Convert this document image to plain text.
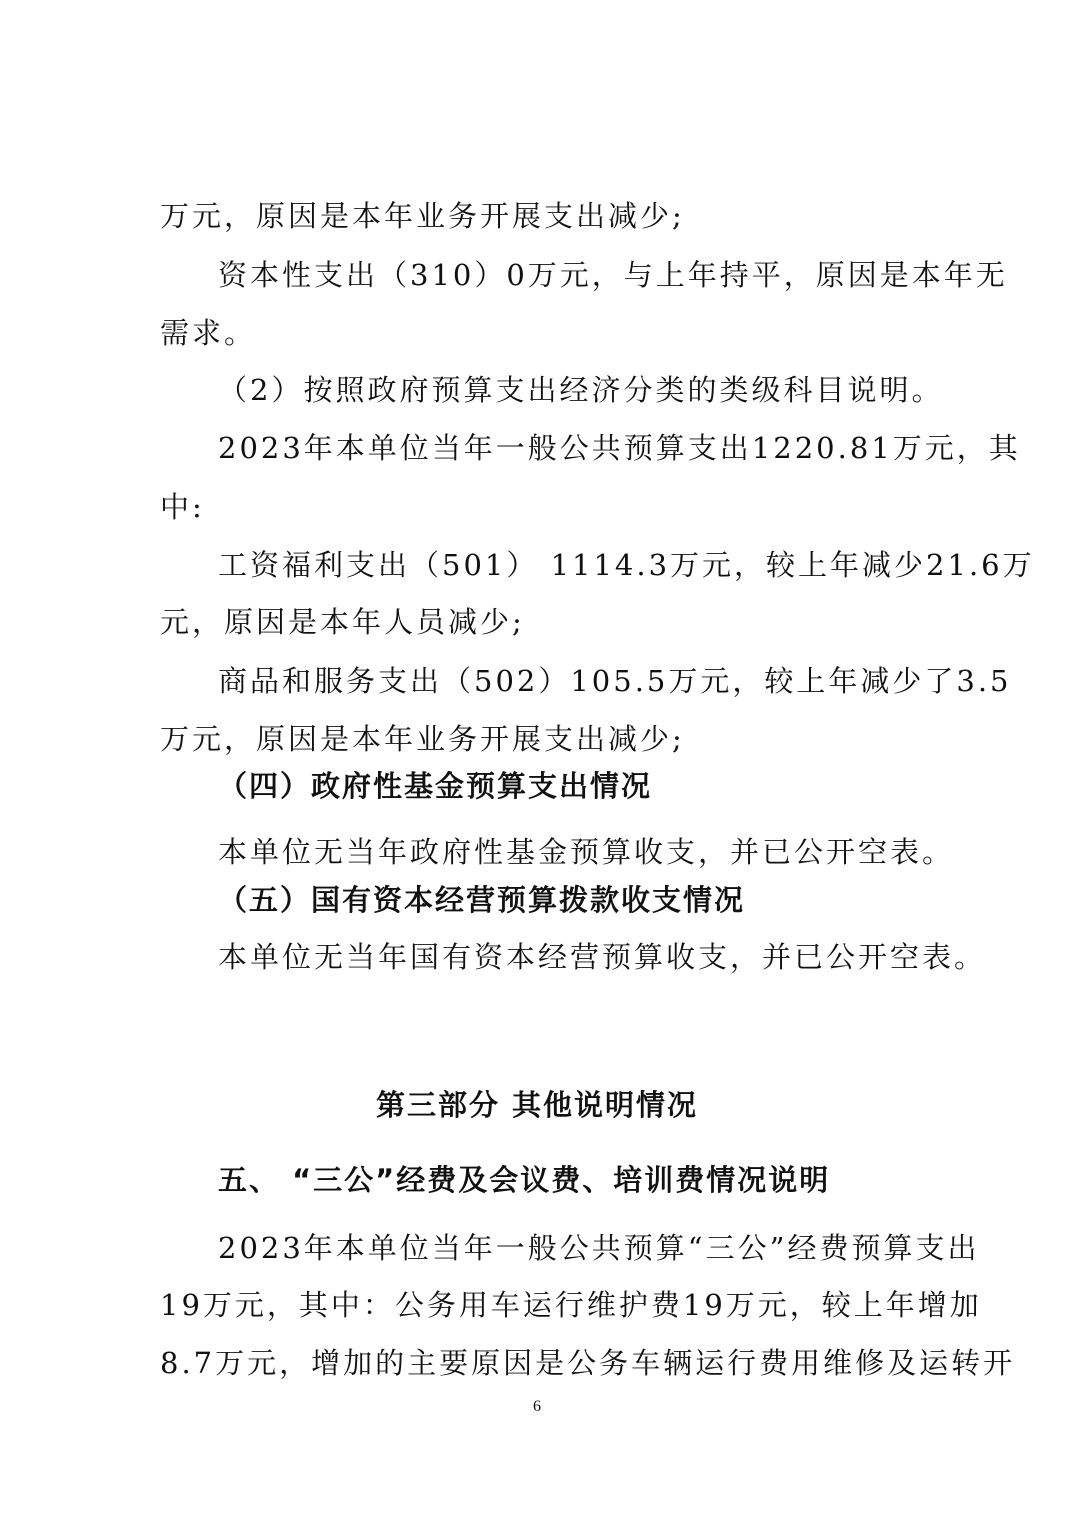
万元，原因是本年业务开展支出减少;
资本性支出（310）0万元，与上年持平，原因是本年无
需求。
（2）按照政府预算支出经济分类的类级科目说明。
2023年本单位当年一般公共预算支出1220.81万元，其
中:
工资福利支出（501） 1114.3万元，较上年减少21.6万
元，原因是本年人员减少;
商品和服务支出（502）105.5万元，较上年减少了3.5
万元，原因是本年业务开展支出减少;
（四）政府性基金预算支出情况
本单位无当年政府性基金预算收支，并已公开空表。
（五）国有资本经营预算拨款收支情况
本单位无当年国有资本经营预算收支，并已公开空表。
第三部分 其他说明情况
五、 “三公”经费及会议费、培训费情况说明
2023年本单位当年一般公共预算“三公”经费预算支出
19万元，其中：公务用车运行维护费19万元，较上年增加
8.7万元，增加的主要原因是公务车辆运行费用维修及运转开
6
